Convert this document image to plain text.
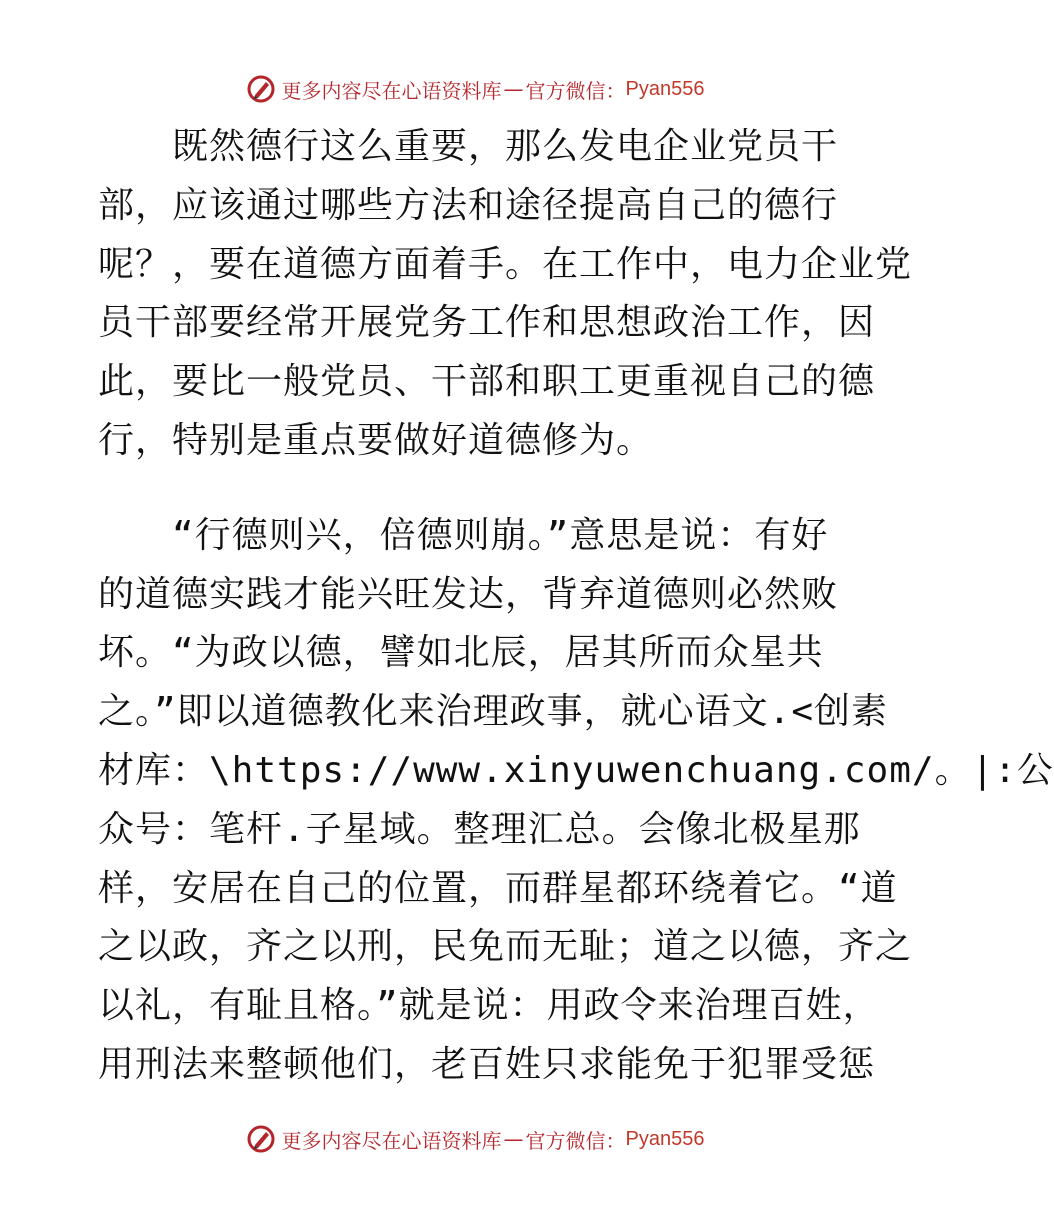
更多内容尽在心语资料库 — 官方微信： Pyan556

　　既然德行这么重要，那么发电企业党员干

部，应该通过哪些方法和途径提高自己的德行

呢？，要在道德方面着手。在工作中，电力企业党

员干部要经常开展党务工作和思想政治工作，因

此，要比一般党员、干部和职工更重视自己的德

行，特别是重点要做好道德修为。

　　“行德则兴，倍德则崩。”意思是说：有好

的道德实践才能兴旺发达，背弃道德则必然败

坏。“为政以德，譬如北辰，居其所而众星共

之。”即以道德教化来治理政事，就心语文.<创素

材库：\https://www.xinyuwenchuang.com/。|:公

众号：笔杆.子星域。整理汇总。会像北极星那

样，安居在自己的位置，而群星都环绕着它。“道

之以政，齐之以刑，民免而无耻；道之以德，齐之

以礼，有耻且格。”就是说：用政令来治理百姓，

用刑法来整顿他们，老百姓只求能免于犯罪受惩

更多内容尽在心语资料库 — 官方微信： Pyan556
